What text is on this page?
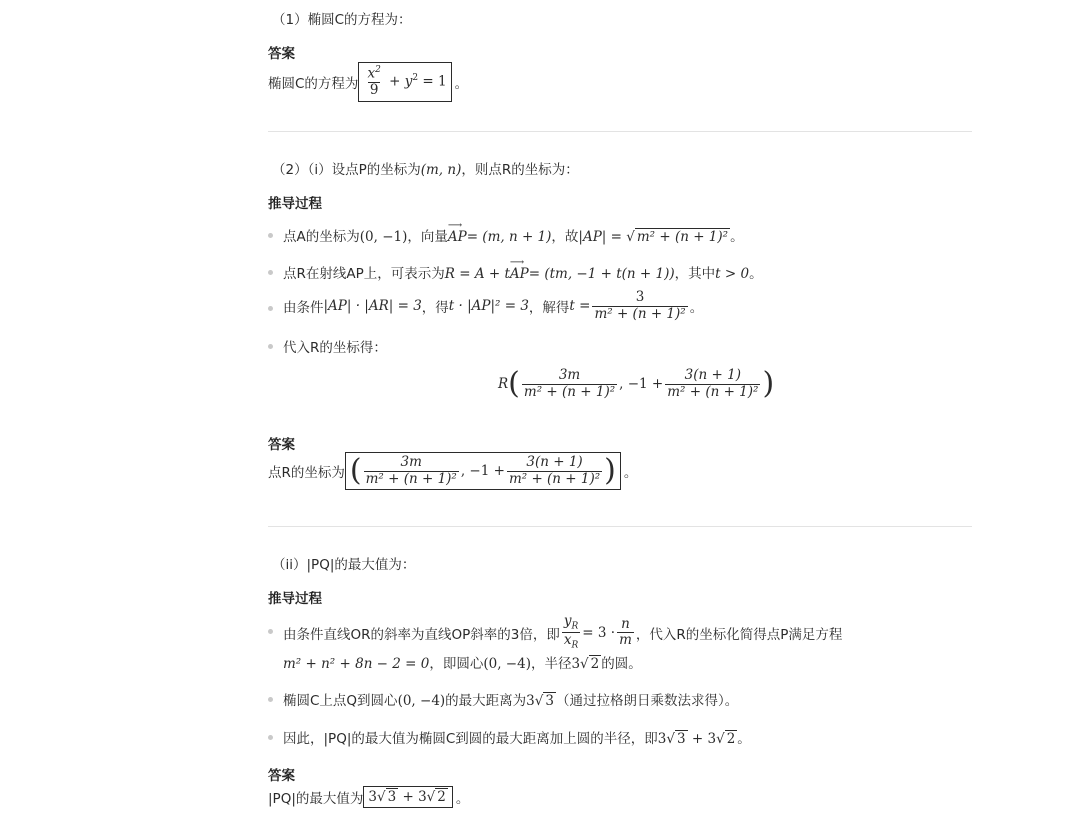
（1）椭圆C的方程为：
答案
椭圆C的方程为 $\frac{x^2}{9} + y^2 = 1$ 。
（2）（i）设点P的坐标为(m, n)，则点R的坐标为：
推导过程
点A的坐标为(0, −1)，向量
⟶
AP= (m, n + 1)，故|AP| = √ m² + (n + 1)² 。
点R在射线AP上，可表示为R = A + t
⟶
AP= (tm, −1 + t(n + 1))，其中t > 0。
由条件 |AP| · |AR| = 3 ，得 t · |AP|² = 3 ，解得 $t = \frac{3}{\text{m² + (n + 1)²}}$ 。
代入R的坐标得：
R ( $\frac{3m}{\text{m² + (n + 1)²}}$ , $-1 + \frac{3(n + 1)}{\text{m² + (n + 1)²}}$ )
答案
点R的坐标为 ( $\frac{3m}{\text{m² + (n + 1)²}}$ , $-1 + \frac{3(n + 1)}{\text{m² + (n + 1)²}}$ ) 。
（ii）|PQ|的最大值为：
推导过程
由条件直线OR的斜率为直线OP斜率的3倍，即 $\frac{y_R}{x_R} = 3 \cdot \frac{n}{m}$ ，代入R的坐标化简得点P满足方程
m² + n² + 8n − 2 = 0，即圆心(0, −4)，半径3√ 2 的圆。
椭圆C上点Q到圆心(0, −4)的最大距离为3√ 3 （通过拉格朗日乘数法求得）。
因此，|PQ|的最大值为椭圆C到圆的最大距离加上圆的半径，即3√ 3 + 3√ 2 。
答案
|PQ|的最大值为 3√ 3 + 3√ 2 。
